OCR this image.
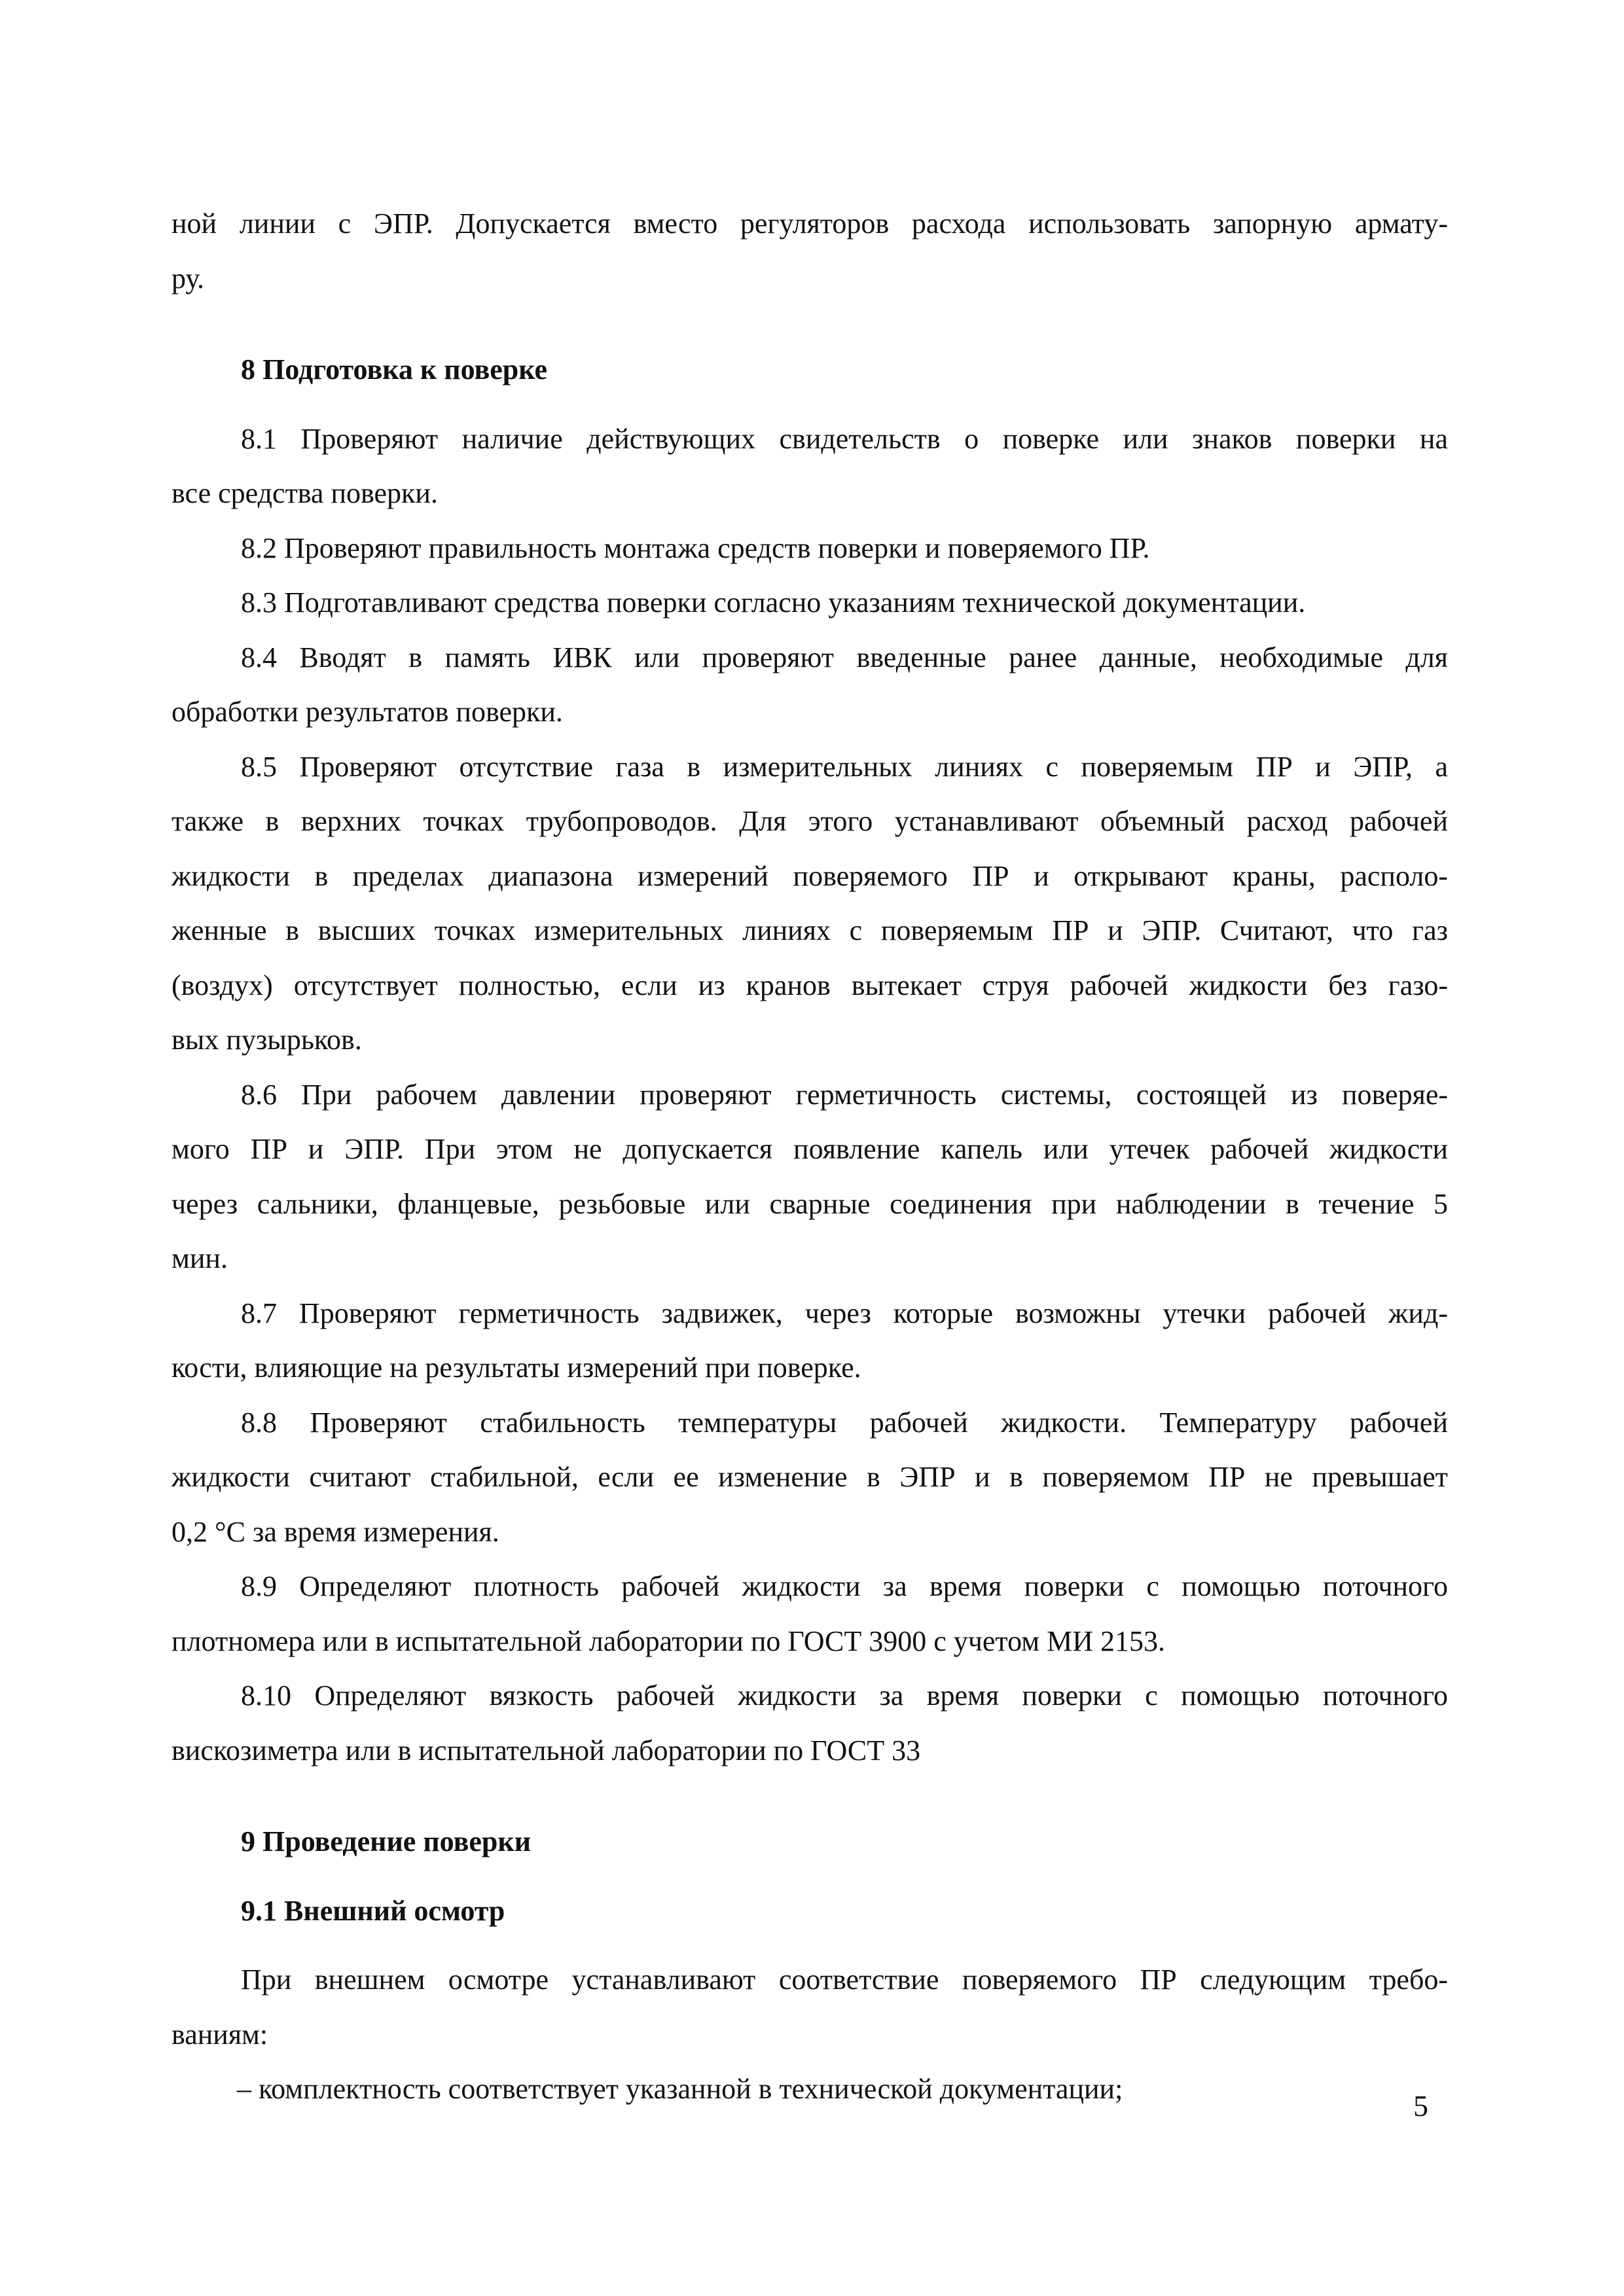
ной линии с ЭПР. Допускается вместо регуляторов расхода использовать запорную армату-
ру.
8 Подготовка к поверке
8.1 Проверяют наличие действующих свидетельств о поверке или знаков поверки на
все средства поверки.
8.2 Проверяют правильность монтажа средств поверки и поверяемого ПР.
8.3 Подготавливают средства поверки согласно указаниям технической документации.
8.4 Вводят в память ИВК или проверяют введенные ранее данные, необходимые для
обработки результатов поверки.
8.5 Проверяют отсутствие газа в измерительных линиях с поверяемым ПР и ЭПР, а
также в верхних точках трубопроводов. Для этого устанавливают объемный расход рабочей
жидкости в пределах диапазона измерений поверяемого ПР и открывают краны, располо-
женные в высших точках измерительных линиях с поверяемым ПР и ЭПР. Считают, что газ
(воздух) отсутствует полностью, если из кранов вытекает струя рабочей жидкости без газо-
вых пузырьков.
8.6 При рабочем давлении проверяют герметичность системы, состоящей из поверяе-
мого ПР и ЭПР. При этом не допускается появление капель или утечек рабочей жидкости
через сальники, фланцевые, резьбовые или сварные соединения при наблюдении в течение 5
мин.
8.7 Проверяют герметичность задвижек, через которые возможны утечки рабочей жид-
кости, влияющие на результаты измерений при поверке.
8.8 Проверяют стабильность температуры рабочей жидкости. Температуру рабочей
жидкости считают стабильной, если ее изменение в ЭПР и в поверяемом ПР не превышает
0,2 °С за время измерения.
8.9 Определяют плотность рабочей жидкости за время поверки с помощью поточного
плотномера или в испытательной лаборатории по ГОСТ 3900 с учетом МИ 2153.
8.10 Определяют вязкость рабочей жидкости за время поверки с помощью поточного
вискозиметра или в испытательной лаборатории по ГОСТ 33
9 Проведение поверки
9.1 Внешний осмотр
При внешнем осмотре устанавливают соответствие поверяемого ПР следующим требо-
ваниям:
– комплектность соответствует указанной в технической документации;
5
